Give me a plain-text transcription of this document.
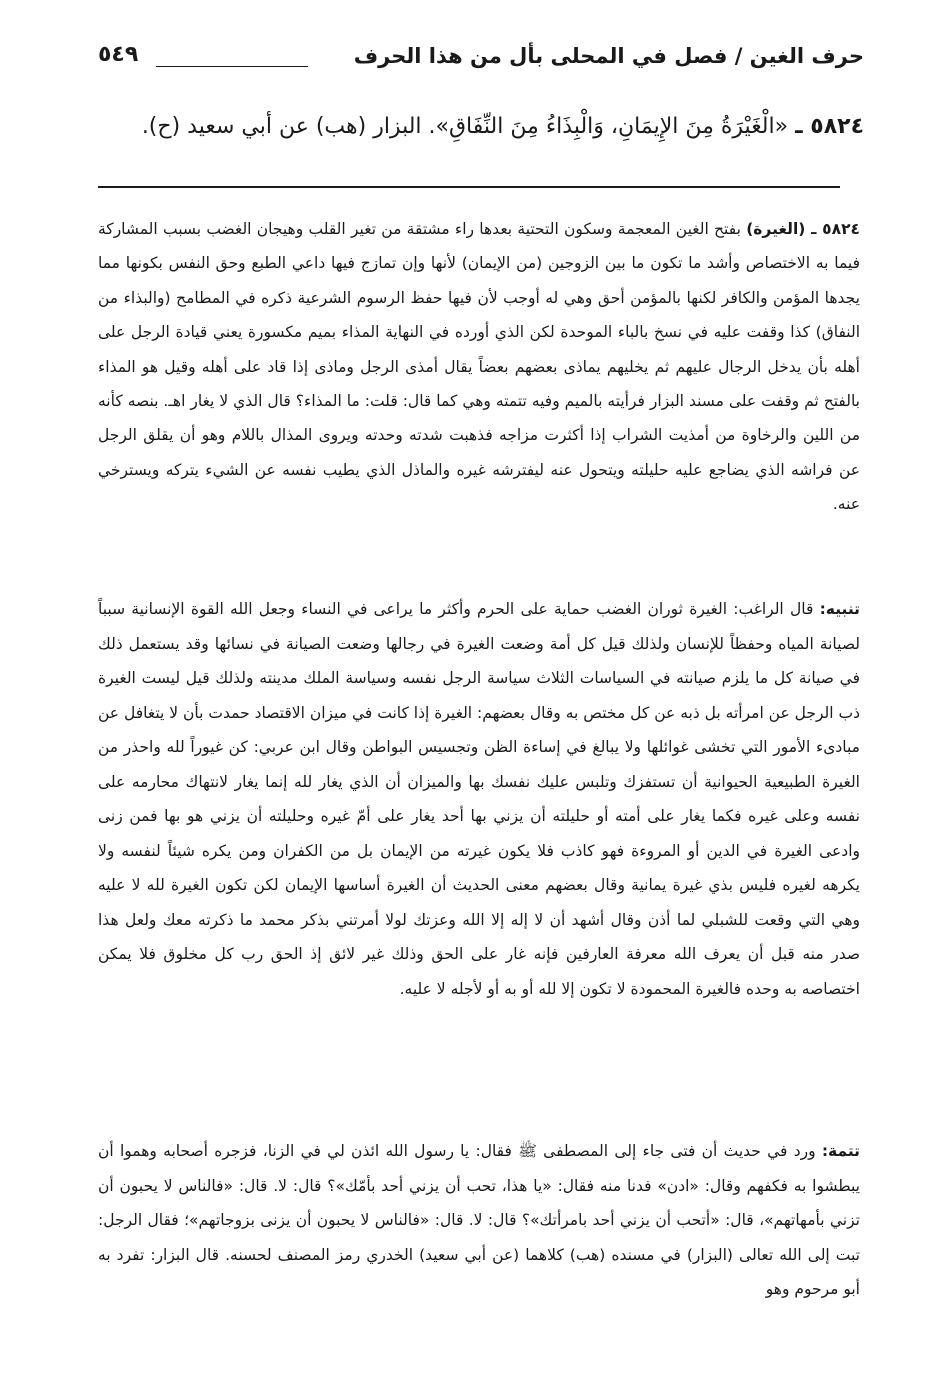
حرف الغين / فصل في المحلى بأل من هذا الحرف
٥٤٩
٥٨٢٤ ـ «الْغَيْرَةُ مِنَ الإِيمَانِ، وَالْبِذَاءُ مِنَ النِّفَاقِ». البزار (هب) عن أبي سعيد (ح).
٥٨٢٤ ـ (الغيرة) بفتح الغين المعجمة وسكون التحتية بعدها راء مشتقة من تغير القلب وهيجان الغضب بسبب المشاركة فيما به الاختصاص وأشد ما تكون ما بين الزوجين (من الإيمان) لأنها وإن تمازج فيها داعي الطبع وحق النفس بكونها مما يجدها المؤمن والكافر لكنها بالمؤمن أحق وهي له أوجب لأن فيها حفظ الرسوم الشرعية ذكره في المطامح (والبذاء من النفاق) كذا وقفت عليه في نسخ بالباء الموحدة لكن الذي أورده في النهاية المذاء بميم مكسورة يعني قيادة الرجل على أهله بأن يدخل الرجال عليهم ثم يخليهم يماذى بعضهم بعضاً يقال أمذى الرجل وماذى إذا قاد على أهله وقيل هو المذاء بالفتح ثم وقفت على مسند البزار فرأيته بالميم وفيه تتمته وهي كما قال: قلت: ما المذاء؟ قال الذي لا يغار اهـ. بنصه كأنه من اللين والرخاوة من أمذيت الشراب إذا أكثرت مزاجه فذهبت شدته وحدته ويروى المذال باللام وهو أن يقلق الرجل عن فراشه الذي يضاجع عليه حليلته ويتحول عنه ليفترشه غيره والماذل الذي يطيب نفسه عن الشيء يتركه ويسترخي عنه.
تنبيه: قال الراغب: الغيرة ثوران الغضب حماية على الحرم وأكثر ما يراعى في النساء وجعل الله القوة الإنسانية سبباً لصيانة المياه وحفظاً للإنسان ولذلك قيل كل أمة وضعت الغيرة في رجالها وضعت الصيانة في نسائها وقد يستعمل ذلك في صيانة كل ما يلزم صيانته في السياسات الثلاث سياسة الرجل نفسه وسياسة الملك مدينته ولذلك قيل ليست الغيرة ذب الرجل عن امرأته بل ذبه عن كل مختص به وقال بعضهم: الغيرة إذا كانت في ميزان الاقتصاد حمدت بأن لا يتغافل عن مبادىء الأمور التي تخشى غوائلها ولا يبالغ في إساءة الظن وتجسيس البواطن وقال ابن عربي: كن غيوراً لله واحذر من الغيرة الطبيعية الحيوانية أن تستفزك وتلبس عليك نفسك بها والميزان أن الذي يغار لله إنما يغار لانتهاك محارمه على نفسه وعلى غيره فكما يغار على أمته أو حليلته أن يزني بها أحد يغار على أمّ غيره وحليلته أن يزني هو بها فمن زنى وادعى الغيرة في الدين أو المروءة فهو كاذب فلا يكون غيرته من الإيمان بل من الكفران ومن يكره شيئاً لنفسه ولا يكرهه لغيره فليس بذي غيرة يمانية وقال بعضهم معنى الحديث أن الغيرة أساسها الإيمان لكن تكون الغيرة لله لا عليه وهي التي وقعت للشبلي لما أذن وقال أشهد أن لا إله إلا الله وعزتك لولا أمرتني بذكر محمد ما ذكرته معك ولعل هذا صدر منه قبل أن يعرف الله معرفة العارفين فإنه غار على الحق وذلك غير لائق إذ الحق رب كل مخلوق فلا يمكن اختصاصه به وحده فالغيرة المحمودة لا تكون إلا لله أو به أو لأجله لا عليه.
تتمة: ورد في حديث أن فتى جاء إلى المصطفى ﷺ فقال: يا رسول الله ائذن لي في الزنا، فزجره أصحابه وهموا أن يبطشوا به فكفهم وقال: «ادن» فدنا منه فقال: «يا هذا، تحب أن يزني أحد بأمّك»؟ قال: لا. قال: «فالناس لا يحبون أن تزني بأمهاتهم»، قال: «أتحب أن يزني أحد بامرأتك»؟ قال: لا. قال: «فالناس لا يحبون أن يزنى بزوجاتهم»؛ فقال الرجل: تبت إلى الله تعالى (البزار) في مسنده (هب) كلاهما (عن أبي سعيد) الخدري رمز المصنف لحسنه. قال البزار: تفرد به أبو مرحوم وهو
